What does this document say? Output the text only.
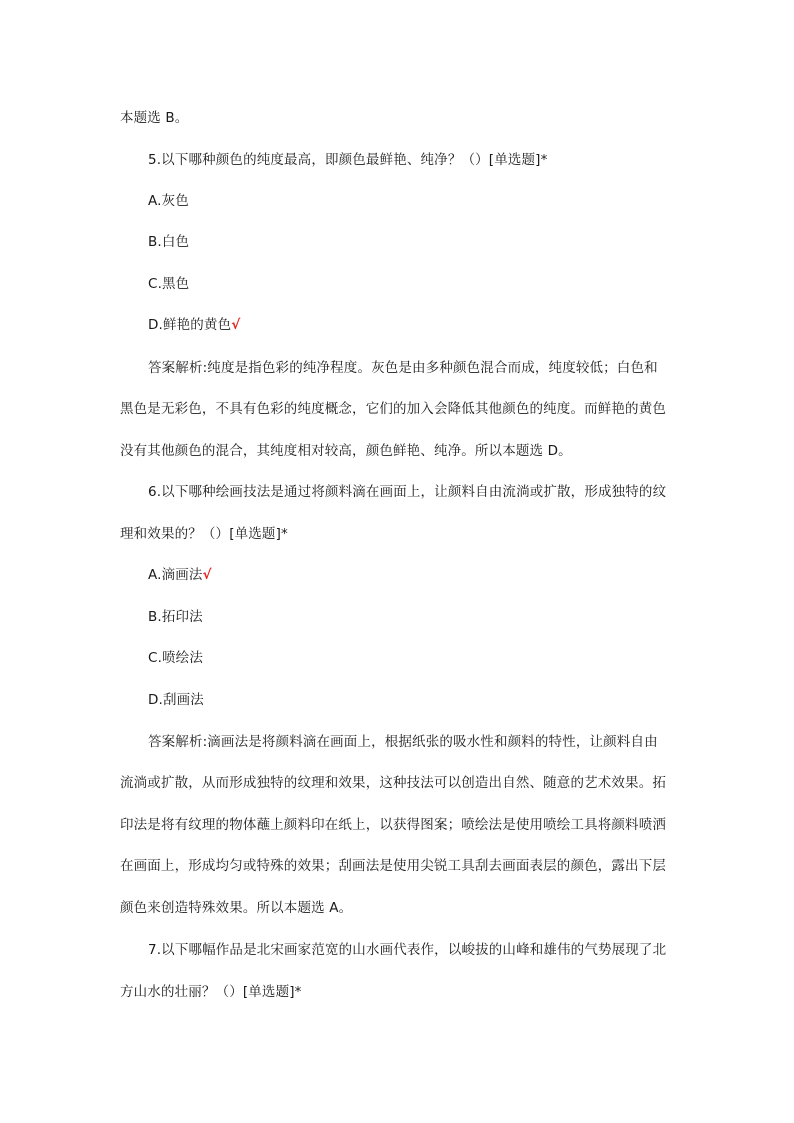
本题选 B。
5.以下哪种颜色的纯度最高，即颜色最鲜艳、纯净？（）[单选题]*
A.灰色
B.白色
C.黑色
D.鲜艳的黄色√
答案解析:纯度是指色彩的纯净程度。灰色是由多种颜色混合而成，纯度较低；白色和
黑色是无彩色，不具有色彩的纯度概念，它们的加入会降低其他颜色的纯度。而鲜艳的黄色
没有其他颜色的混合，其纯度相对较高，颜色鲜艳、纯净。所以本题选 D。
6.以下哪种绘画技法是通过将颜料滴在画面上，让颜料自由流淌或扩散，形成独特的纹
理和效果的？（）[单选题]*
A.滴画法√
B.拓印法
C.喷绘法
D.刮画法
答案解析:滴画法是将颜料滴在画面上，根据纸张的吸水性和颜料的特性，让颜料自由
流淌或扩散，从而形成独特的纹理和效果，这种技法可以创造出自然、随意的艺术效果。拓
印法是将有纹理的物体蘸上颜料印在纸上，以获得图案；喷绘法是使用喷绘工具将颜料喷洒
在画面上，形成均匀或特殊的效果；刮画法是使用尖锐工具刮去画面表层的颜色，露出下层
颜色来创造特殊效果。所以本题选 A。
7.以下哪幅作品是北宋画家范宽的山水画代表作，以峻拔的山峰和雄伟的气势展现了北
方山水的壮丽？（）[单选题]*
